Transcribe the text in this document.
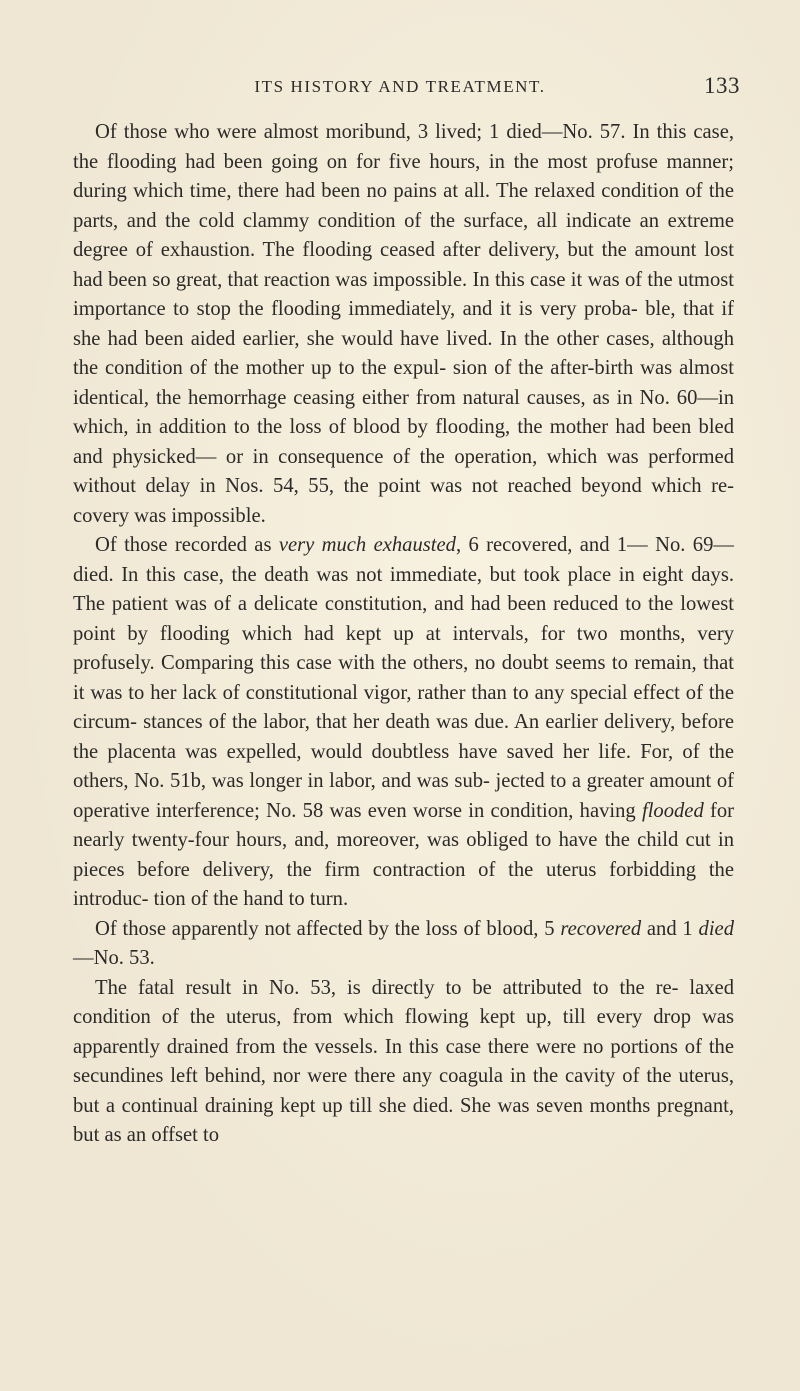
ITS HISTORY AND TREATMENT.	133

Of those who were almost moribund, 3 lived; 1 died—No. 57. In this case, the flooding had been going on for five hours, in the most profuse manner; during which time, there had been no pains at all. The relaxed condition of the parts, and the cold clammy condition of the surface, all indicate an extreme degree of exhaustion. The flooding ceased after delivery, but the amount lost had been so great, that reaction was impossible. In this case it was of the utmost importance to stop the flooding immediately, and it is very proba- ble, that if she had been aided earlier, she would have lived. In the other cases, although the condition of the mother up to the expul- sion of the after-birth was almost identical, the hemorrhage ceasing either from natural causes, as in No. 60—in which, in addition to the loss of blood by flooding, the mother had been bled and physicked— or in consequence of the operation, which was performed without delay in Nos. 54, 55, the point was not reached beyond which re- covery was impossible.

Of those recorded as very much exhausted, 6 recovered, and 1— No. 69—died. In this case, the death was not immediate, but took place in eight days. The patient was of a delicate constitution, and had been reduced to the lowest point by flooding which had kept up at intervals, for two months, very profusely. Comparing this case with the others, no doubt seems to remain, that it was to her lack of constitutional vigor, rather than to any special effect of the circum- stances of the labor, that her death was due. An earlier delivery, before the placenta was expelled, would doubtless have saved her life. For, of the others, No. 51b, was longer in labor, and was sub- jected to a greater amount of operative interference; No. 58 was even worse in condition, having flooded for nearly twenty-four hours, and, moreover, was obliged to have the child cut in pieces before delivery, the firm contraction of the uterus forbidding the introduc- tion of the hand to turn.

Of those apparently not affected by the loss of blood, 5 recovered and 1 died—No. 53.

The fatal result in No. 53, is directly to be attributed to the re- laxed condition of the uterus, from which flowing kept up, till every drop was apparently drained from the vessels. In this case there were no portions of the secundines left behind, nor were there any coagula in the cavity of the uterus, but a continual draining kept up till she died. She was seven months pregnant, but as an offset to
